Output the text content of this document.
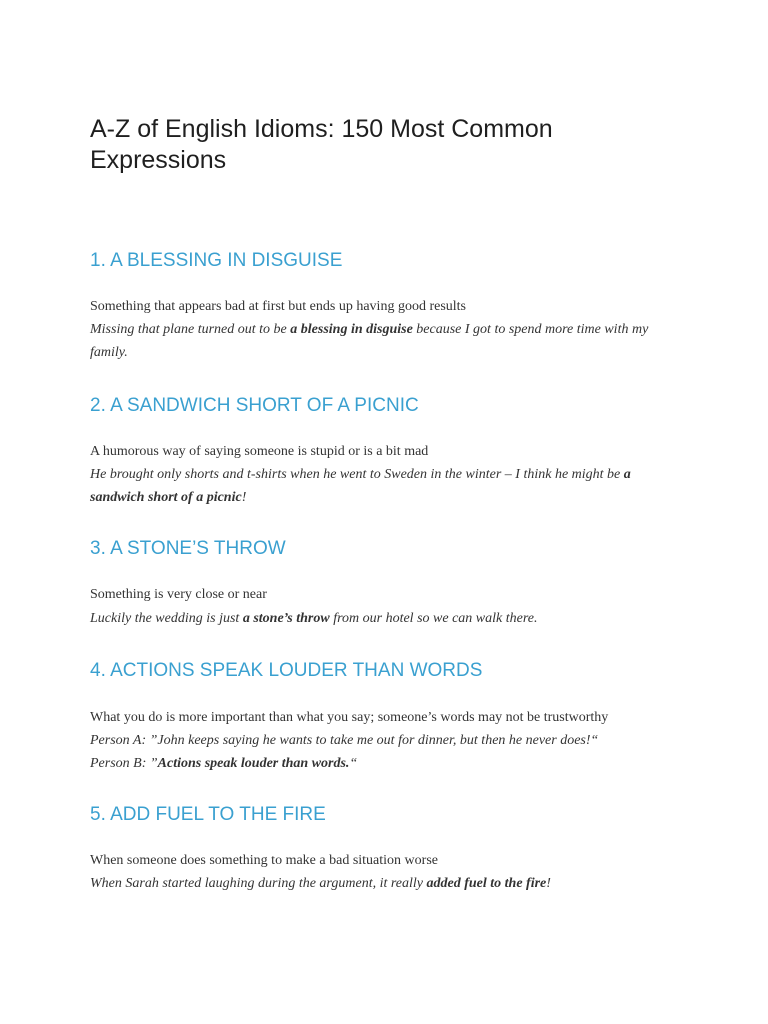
A-Z of English Idioms: 150 Most Common Expressions
1. A BLESSING IN DISGUISE

Something that appears bad at first but ends up having good results

Missing that plane turned out to be a blessing in disguise because I got to spend more time with my family.

2. A SANDWICH SHORT OF A PICNIC

A humorous way of saying someone is stupid or is a bit mad

He brought only shorts and t-shirts when he went to Sweden in the winter – I think he might be a sandwich short of a picnic!

3. A STONE’S THROW

Something is very close or near

Luckily the wedding is just a stone’s throw from our hotel so we can walk there.

4. ACTIONS SPEAK LOUDER THAN WORDS

What you do is more important than what you say; someone’s words may not be trustworthy

Person A: ”John keeps saying he wants to take me out for dinner, but then he never does!“

Person B: ”Actions speak louder than words.“

5. ADD FUEL TO THE FIRE

When someone does something to make a bad situation worse

When Sarah started laughing during the argument, it really added fuel to the fire!
